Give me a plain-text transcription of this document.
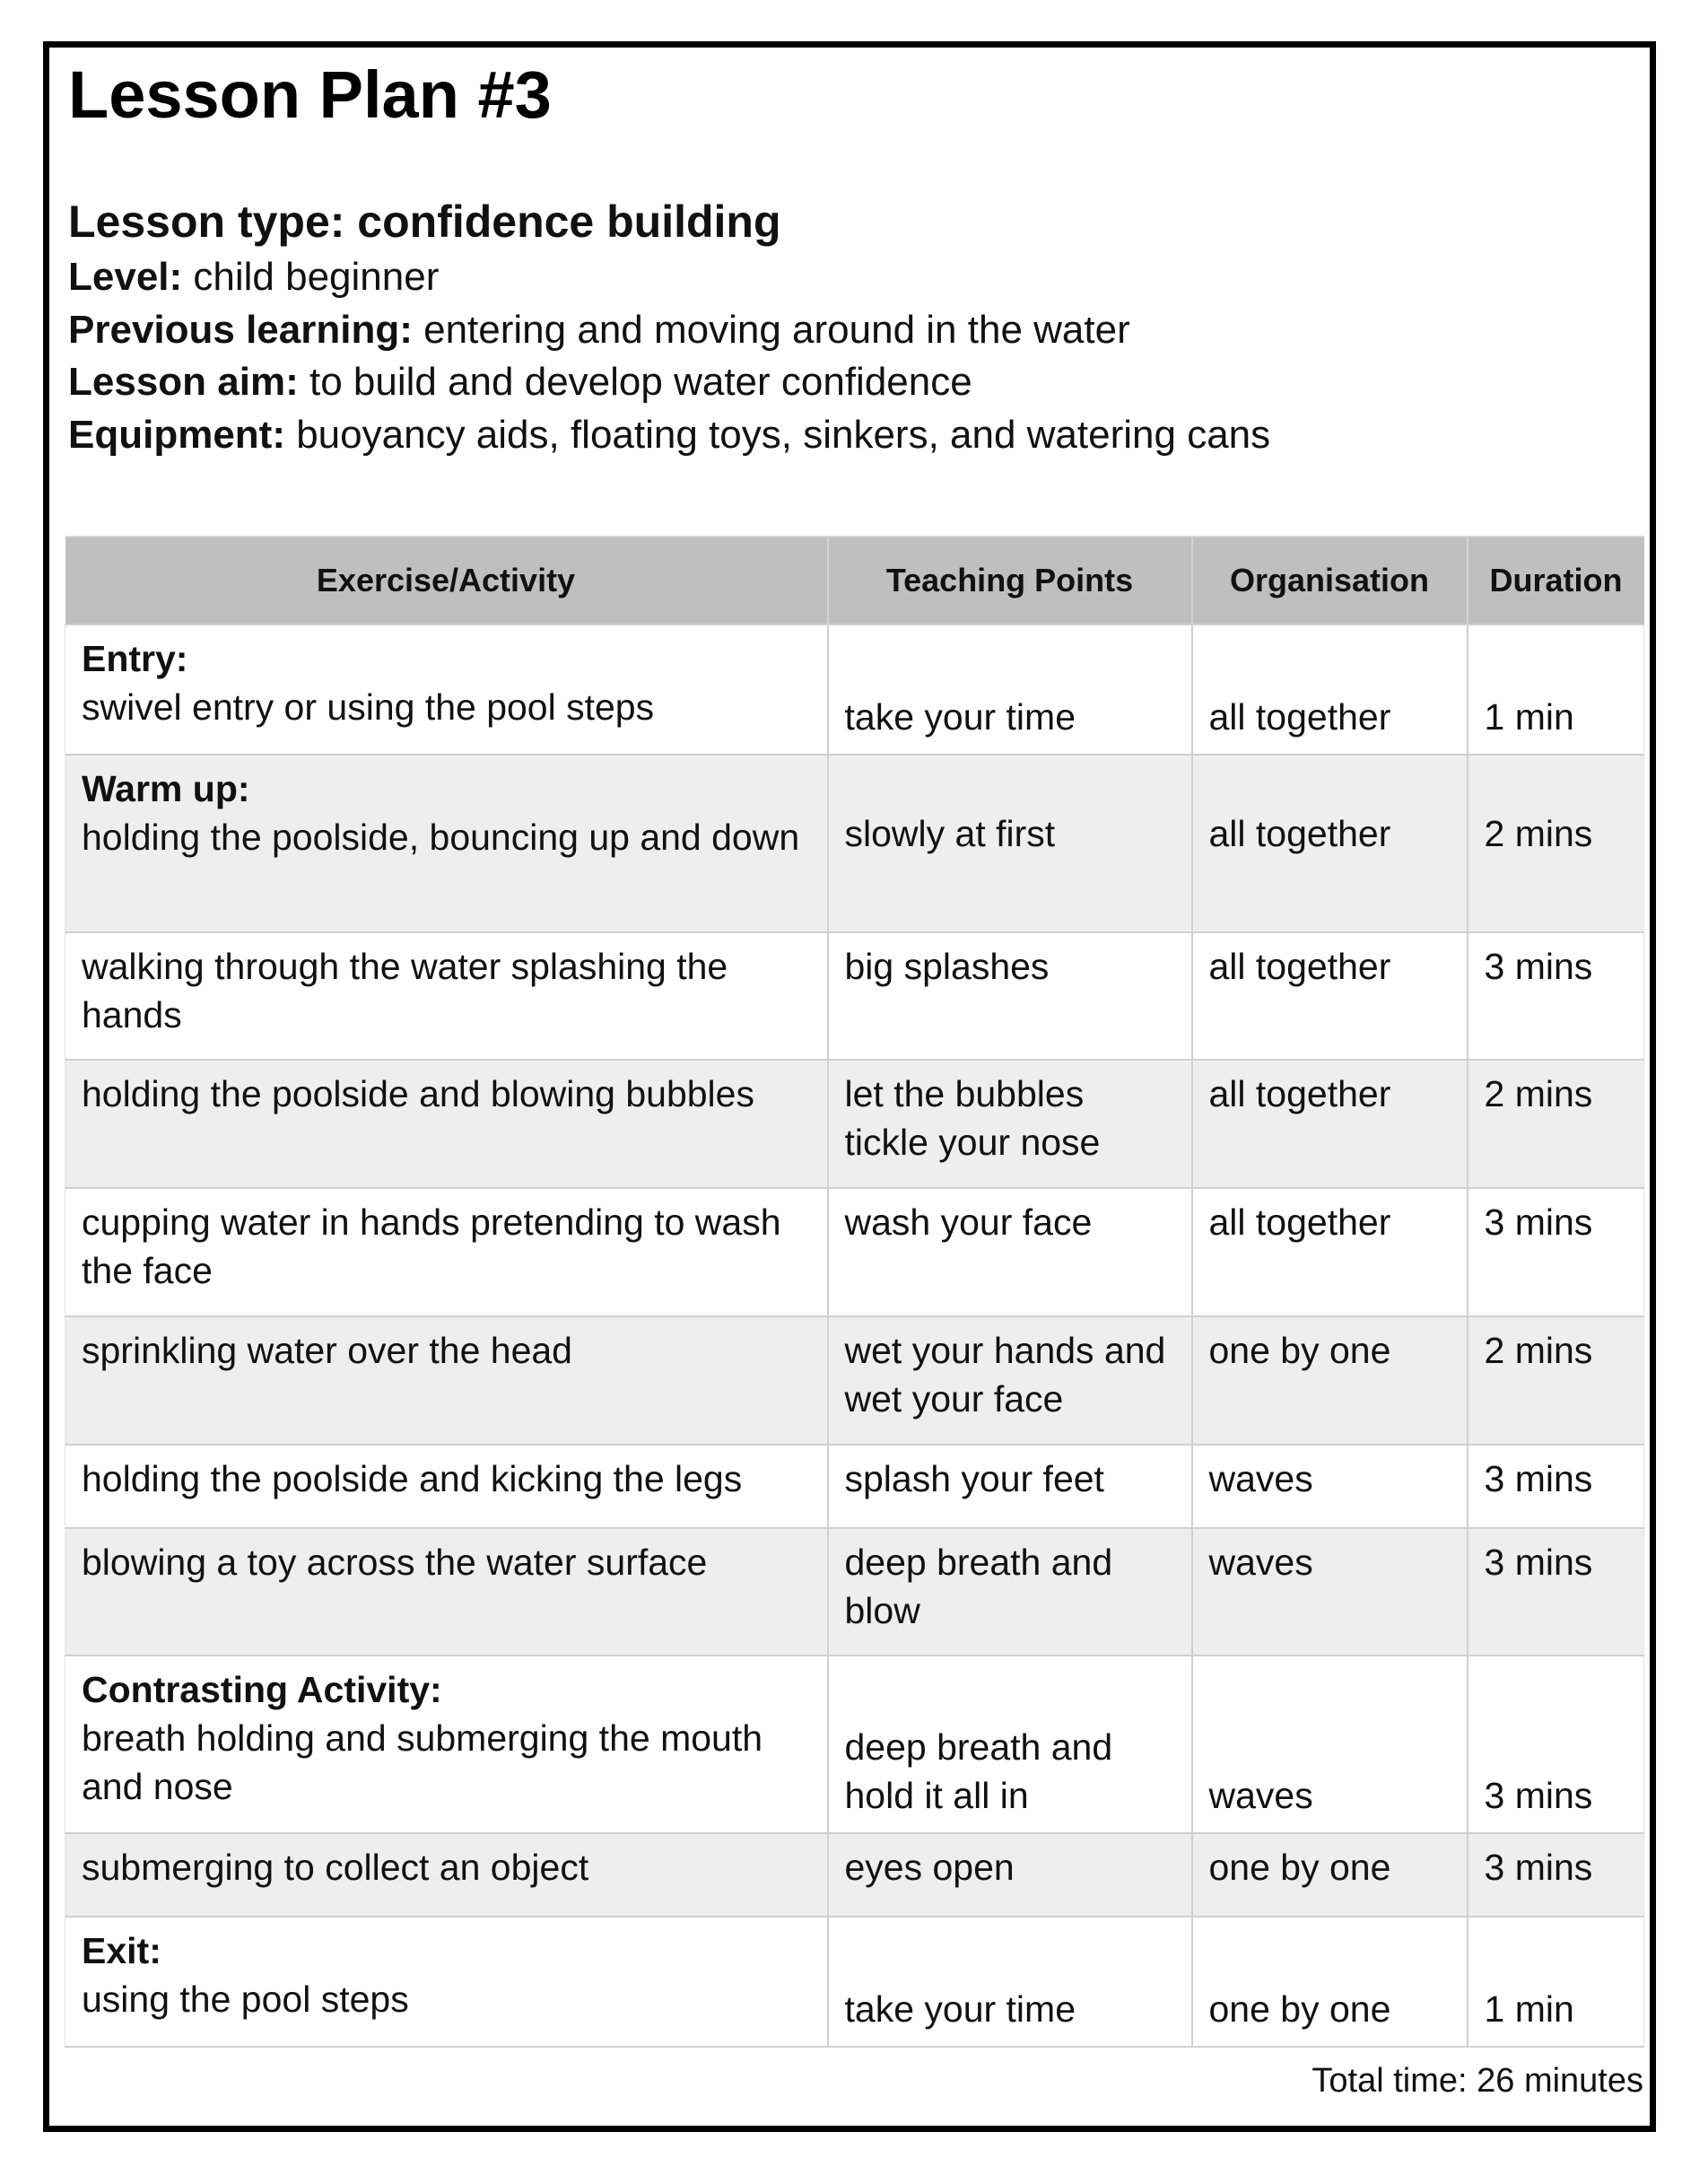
Lesson Plan #3

Lesson type: confidence building

Level: child beginner

Previous learning: entering and moving around in the water

Lesson aim: to build and develop water confidence

Equipment: buoyancy aids, floating toys, sinkers, and watering cans

Exercise/Activity	Teaching Points	Organisation	Duration

Entry:
swivel entry or using the pool steps	take your time	all together	1 min

Warm up:
holding the poolside, bouncing up and down	slowly at first	all together	2 mins
walking through the water splashing the hands	big splashes	all together	3 mins
holding the poolside and blowing bubbles	let the bubbles tickle your nose	all together	2 mins
cupping water in hands pretending to wash the face	wash your face	all together	3 mins
sprinkling water over the head	wet your hands and wet your face	one by one	2 mins
holding the poolside and kicking the legs	splash your feet	waves	3 mins
blowing a toy across the water surface	deep breath and blow	waves	3 mins

Contrasting Activity:
breath holding and submerging the mouth and nose	deep breath and hold it all in	waves	3 mins
submerging to collect an object	eyes open	one by one	3 mins

Exit:
using the pool steps	take your time	one by one	1 min
Total time: 26 minutes
